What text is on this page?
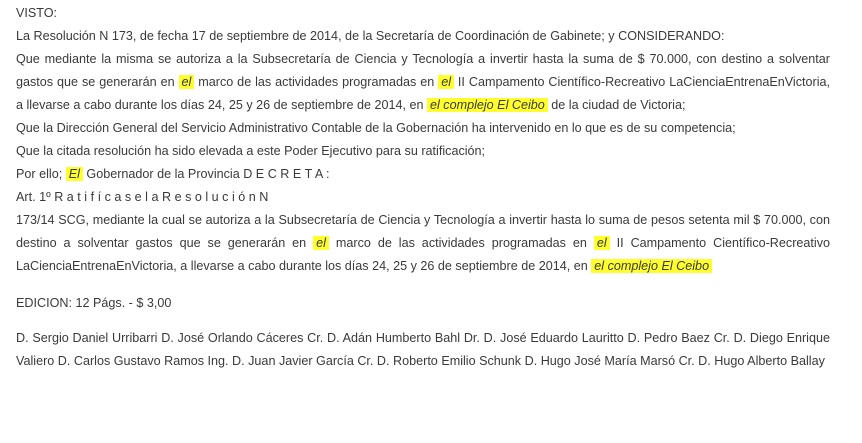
VISTO:
La Resolución N 173, de fecha 17 de septiembre de 2014, de la Secretaría de Coordinación de Gabinete; y CONSIDERANDO:
Que mediante la misma se autoriza a la Subsecretaría de Ciencia y Tecnología a invertir hasta la suma de $ 70.000, con destino a solventar gastos que se generarán en el marco de las actividades programadas en el II Campamento Científico-Recreativo LaCienciaEntrenaEnVictoria, a llevarse a cabo durante los días 24, 25 y 26 de septiembre de 2014, en el complejo El Ceibo de la ciudad de Victoria;
Que la Dirección General del Servicio Administrativo Contable de la Gobernación ha intervenido en lo que es de su competencia;
Que la citada resolución ha sido elevada a este Poder Ejecutivo para su ratificación;
Por ello; El Gobernador de la Provincia D E C R E T A :
Art. 1º R a t i f í c a s e l a R e s o l u c i ó n N
173/14 SCG, mediante la cual se autoriza a la Subsecretaría de Ciencia y Tecnología a invertir hasta lo suma de pesos setenta mil $ 70.000, con destino a solventar gastos que se generarán en el marco de las actividades programadas en el II Campamento Científico-Recreativo LaCienciaEntrenaEnVictoria, a llevarse a cabo durante los días 24, 25 y 26 de septiembre de 2014, en el complejo El Ceibo
EDICION: 12 Págs. - $ 3,00
D. Sergio Daniel Urribarri D. José Orlando Cáceres Cr. D. Adán Humberto Bahl Dr. D. José Eduardo Lauritto D. Pedro Baez Cr. D. Diego Enrique Valiero D. Carlos Gustavo Ramos Ing. D. Juan Javier García Cr. D. Roberto Emilio Schunk D. Hugo José María Marsó Cr. D. Hugo Alberto Ballay
